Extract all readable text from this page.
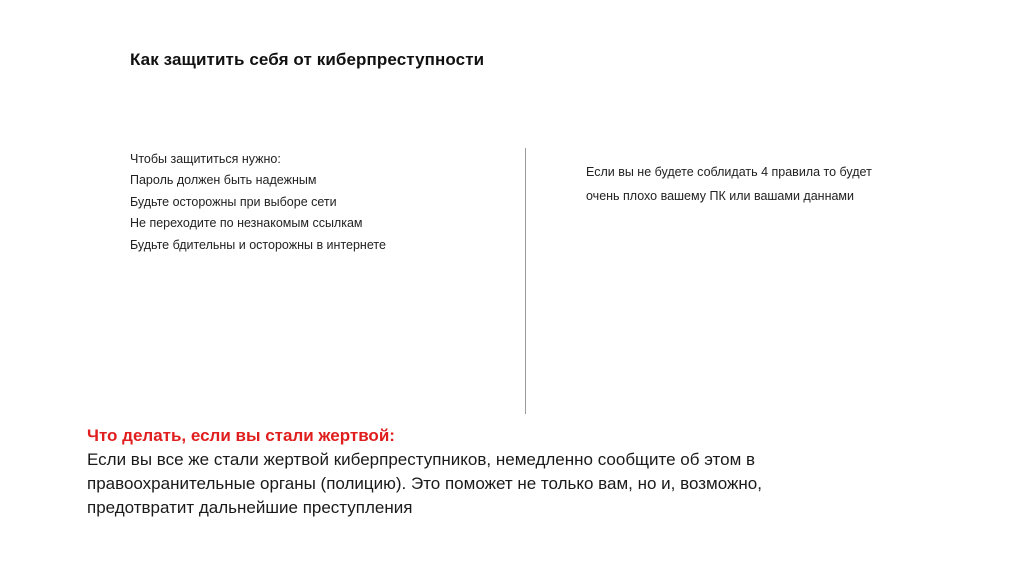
Как защитить себя от киберпреступности
Чтобы защититься нужно:
Пароль должен быть надежным
Будьте осторожны при выборе сети
Не переходите по незнакомым ссылкам
Будьте бдительны и осторожны в интернете
Если вы не будете соблидать 4 правила то будет
очень плохо вашему ПК или вашами даннами
Что делать, если вы стали жертвой:
Если вы все же стали жертвой киберпреступников, немедленно сообщите об этом в
правоохранительные органы (полицию). Это поможет не только вам, но и, возможно,
предотвратит дальнейшие преступления
